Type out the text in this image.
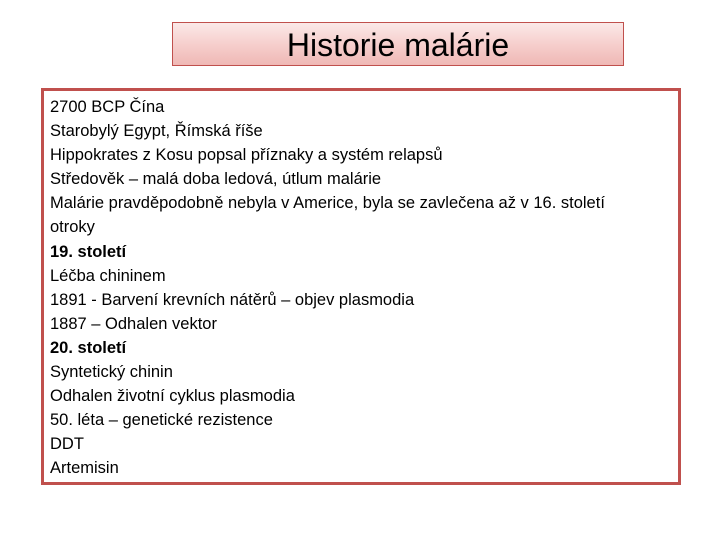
Historie malárie
2700 BCP Čína
Starobylý Egypt, Římská říše
Hippokrates z Kosu popsal příznaky a systém relapsů
Středověk – malá doba ledová, útlum malárie
Malárie pravděpodobně nebyla v Americe, byla se zavlečena až v 16. století
otroky
19. století
Léčba chininem
1891 - Barvení krevních nátěrů – objev plasmodia
1887 – Odhalen vektor
20. století
Syntetický chinin
Odhalen životní cyklus plasmodia
50. léta – genetické rezistence
DDT
Artemisin
